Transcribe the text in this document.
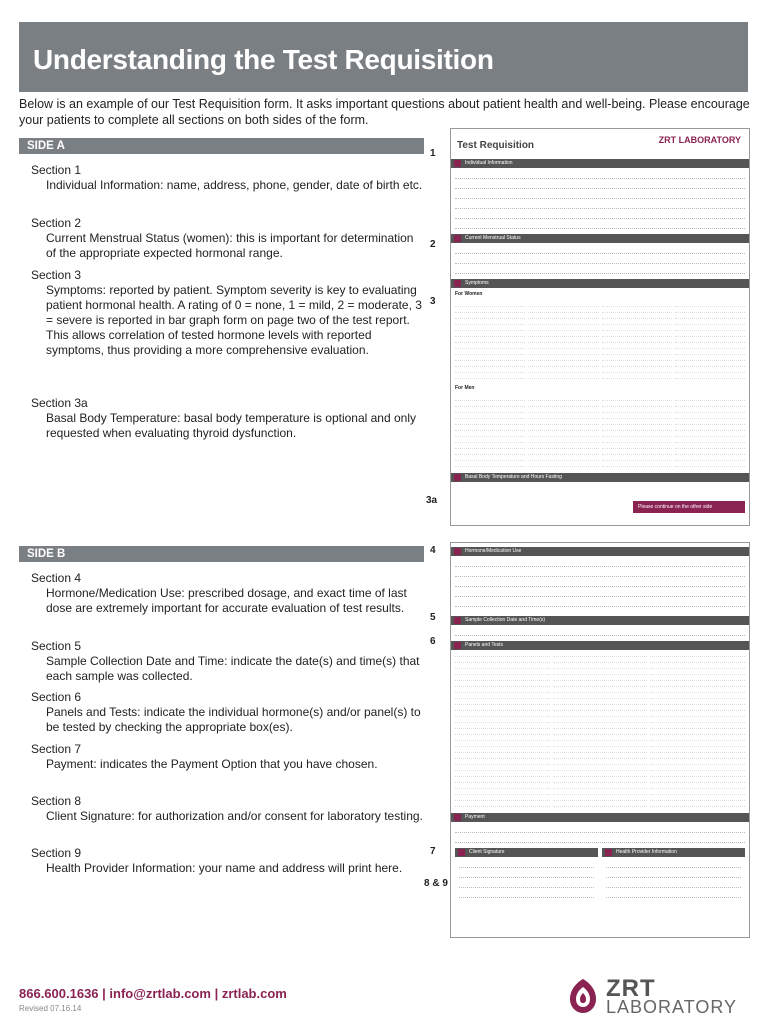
Understanding the Test Requisition

Below is an example of our Test Requisition form. It asks important questions about patient health and well-being. Please encourage your patients to complete all sections on both sides of the form.

SIDE A
Section 1
Individual Information: name, address, phone, gender, date of birth etc.
Section 2
Current Menstrual Status (women): this is important for determination of the appropriate expected hormonal range.
Section 3
Symptoms: reported by patient. Symptom severity is key to evaluating patient hormonal health. A rating of 0 = none, 1 = mild, 2 = moderate, 3 = severe is reported in bar graph form on page two of the test report. This allows correlation of tested hormone levels with reported symptoms, thus providing a more comprehensive evaluation.
Section 3a
Basal Body Temperature: basal body temperature is optional and only requested when evaluating thyroid dysfunction.
SIDE B
Section 4
Hormone/Medication Use: prescribed dosage, and exact time of last dose are extremely important for accurate evaluation of test results.
Section 5
Sample Collection Date and Time: indicate the date(s) and time(s) that each sample was collected.
Section 6
Panels and Tests: indicate the individual hormone(s) and/or panel(s) to be tested by checking the appropriate box(es).
Section 7
Payment: indicates the Payment Option that you have chosen.
Section 8
Client Signature: for authorization and/or consent for laboratory testing.
Section 9
Health Provider Information: your name and address will print here.
1
2
3
3a
4
5
6
7
8 & 9
Test Requisition	ZRT LABORATORY
Individual Information
Current Menstrual Status
Symptoms
For Women
For Men
Basal Body Temperature and Hours Fasting
Please continue on the other side
Hormone/Medication Use
Sample Collection Date and Time(s)
Panels and Tests
Payment
Client Signature	Health Provider Information
866.600.1636 | info@zrtlab.com | zrtlab.com
Revised 07.16.14
ZRT
LABORATORY
